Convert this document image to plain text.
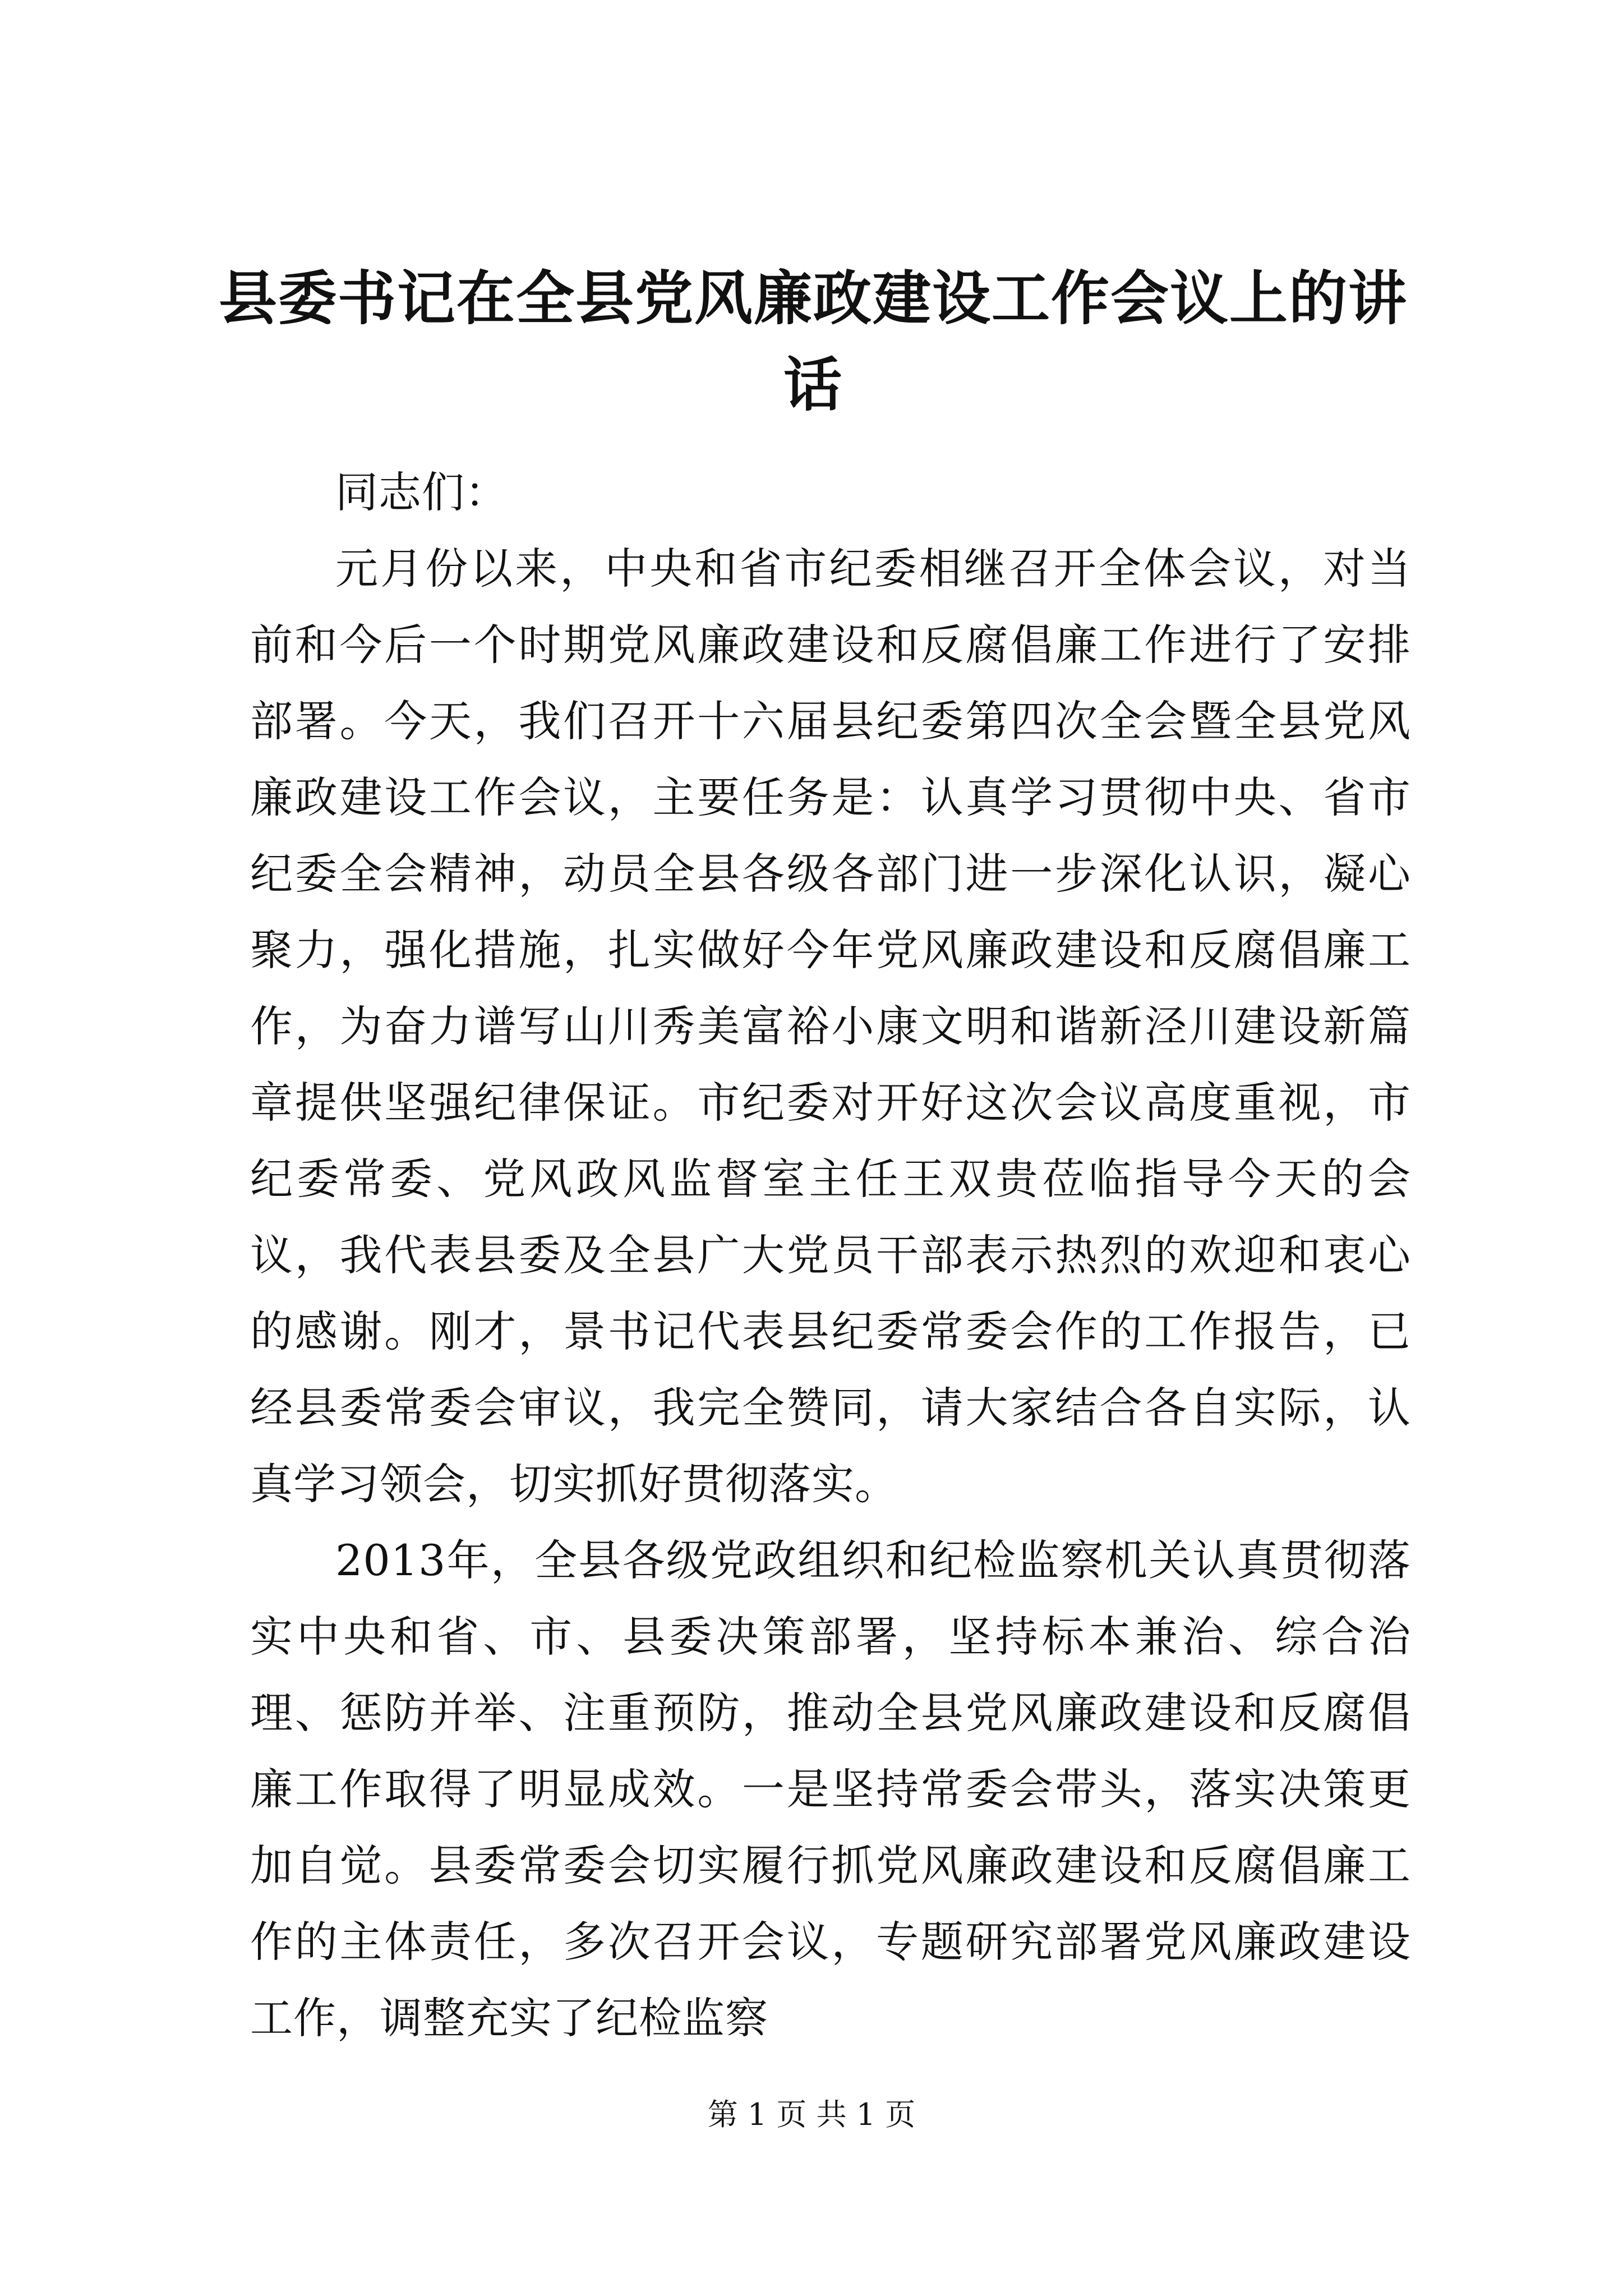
县委书记在全县党风廉政建设工作会议上的讲话

同志们：

元月份以来，中央和省市纪委相继召开全体会议，对当前和今后一个时期党风廉政建设和反腐倡廉工作进行了安排部署。今天，我们召开十六届县纪委第四次全会暨全县党风廉政建设工作会议，主要任务是：认真学习贯彻中央、省市纪委全会精神，动员全县各级各部门进一步深化认识，凝心聚力，强化措施，扎实做好今年党风廉政建设和反腐倡廉工作，为奋力谱写山川秀美富裕小康文明和谐新泾川建设新篇章提供坚强纪律保证。市纪委对开好这次会议高度重视，市纪委常委、党风政风监督室主任王双贵莅临指导今天的会议，我代表县委及全县广大党员干部表示热烈的欢迎和衷心的感谢。刚才，景书记代表县纪委常委会作的工作报告，已经县委常委会审议，我完全赞同，请大家结合各自实际，认真学习领会，切实抓好贯彻落实。

2013年，全县各级党政组织和纪检监察机关认真贯彻落实中央和省、市、县委决策部署，坚持标本兼治、综合治理、惩防并举、注重预防，推动全县党风廉政建设和反腐倡廉工作取得了明显成效。一是坚持常委会带头，落实决策更加自觉。县委常委会切实履行抓党风廉政建设和反腐倡廉工作的主体责任，多次召开会议，专题研究部署党风廉政建设工作，调整充实了纪检监察

第 1 页 共 1 页
